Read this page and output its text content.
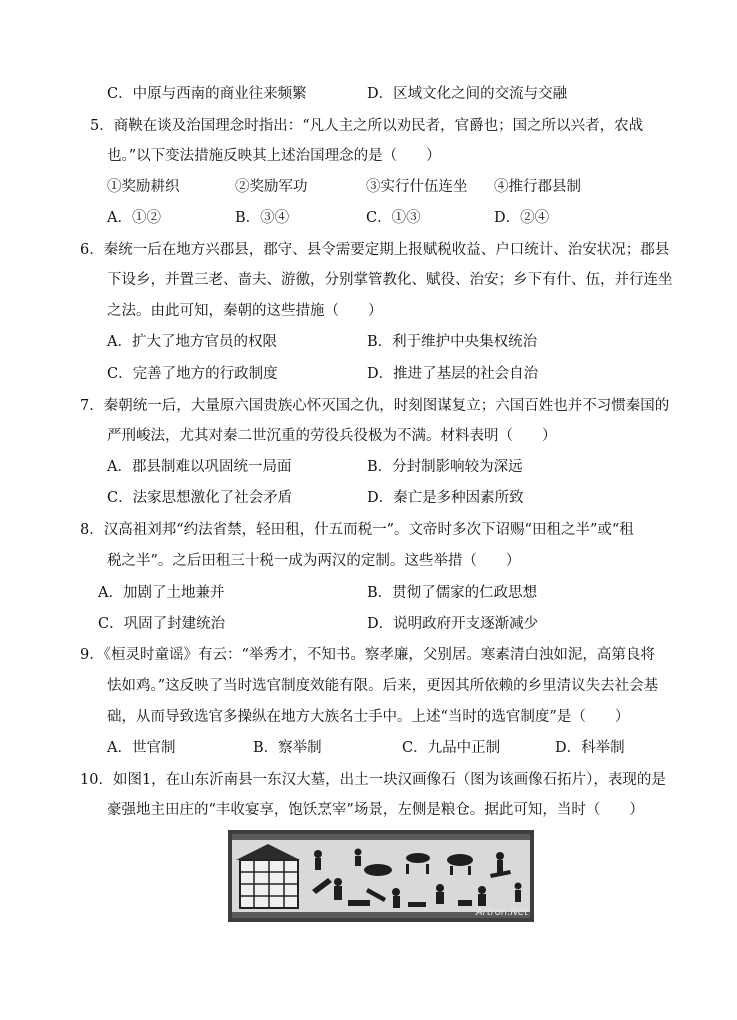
C．中原与西南的商业往来频繁	D．区域文化之间的交流与交融
5．商鞅在谈及治国理念时指出：“凡人主之所以劝民者，官爵也；国之所以兴者，农战
也。”以下变法措施反映其上述治国理念的是（　　）
①奖励耕织	②奖励军功	③实行什伍连坐 ④推行郡县制
A．①②	B．③④	C．①③	D．②④
6．秦统一后在地方兴郡县，郡守、县令需要定期上报赋税收益、户口统计、治安状况；郡县
下设乡，并置三老、啬夫、游徼，分别掌管教化、赋役、治安；乡下有什、伍，并行连坐
之法。由此可知，秦朝的这些措施（　　）
A．扩大了地方官员的权限	B．利于维护中央集权统治
C．完善了地方的行政制度	D．推进了基层的社会自治
7．秦朝统一后，大量原六国贵族心怀灭国之仇，时刻图谋复立；六国百姓也并不习惯秦国的
严刑峻法，尤其对秦二世沉重的劳役兵役极为不满。材料表明（　　）
A．郡县制难以巩固统一局面	B．分封制影响较为深远
C．法家思想激化了社会矛盾	D．秦亡是多种因素所致
8．汉高祖刘邦“约法省禁，轻田租，什五而税一”。文帝时多次下诏赐“田租之半”或“租
税之半”。之后田租三十税一成为两汉的定制。这些举措（　　）
A．加剧了土地兼并	B．贯彻了儒家的仁政思想
C．巩固了封建统治	D．说明政府开支逐渐减少
9．《桓灵时童谣》有云：“举秀才，不知书。察孝廉，父别居。寒素清白浊如泥，高第良将
怯如鸡。”这反映了当时选官制度效能有限。后来，更因其所依赖的乡里清议失去社会基
础，从而导致选官多操纵在地方大族名士手中。上述“当时的选官制度”是（　　）
A．世官制	B．察举制	C．九品中正制	D．科举制
10．如图1，在山东沂南县一东汉大墓，出土一块汉画像石（图为该画像石拓片），表现的是
豪强地主田庄的“丰收宴享，饱饫烹宰”场景，左侧是粮仓。据此可知，当时（　　）
Artron.Net
